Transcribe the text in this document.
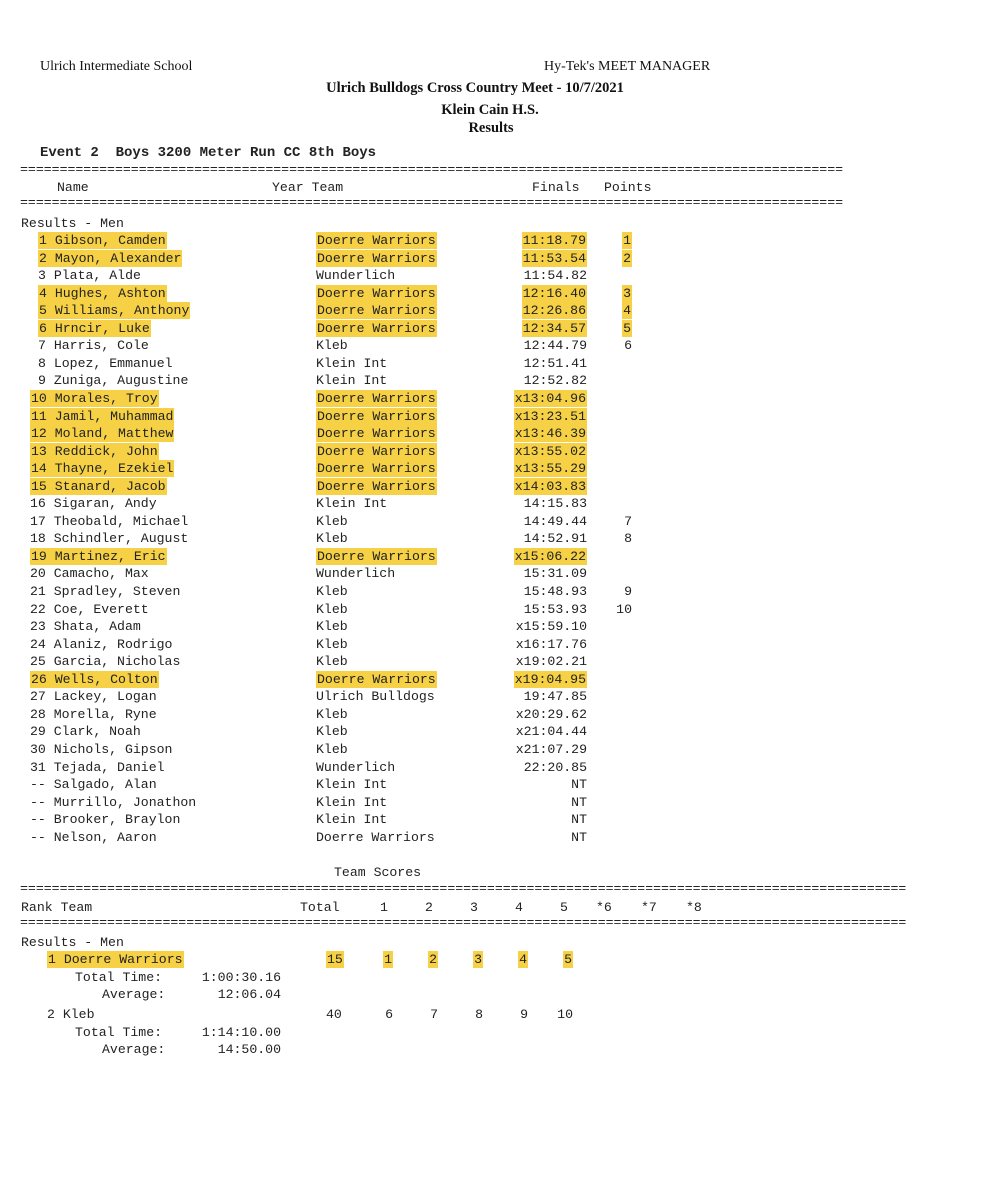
Ulrich Intermediate School	Hy-Tek's MEET MANAGER
Ulrich Bulldogs Cross Country Meet - 10/7/2021
Klein Cain H.S.
Results
Event 2  Boys 3200 Meter Run CC 8th Boys
========================================================================================================
Name	Year Team	Finals Points
========================================================================================================
Results - Men
1 Gibson, Camden	Doerre Warriors	11:18.79	1
2 Mayon, Alexander	Doerre Warriors	11:53.54	2
3 Plata, Alde	Wunderlich	11:54.82
4 Hughes, Ashton	Doerre Warriors	12:16.40	3
5 Williams, Anthony	Doerre Warriors	12:26.86	4
6 Hrncir, Luke	Doerre Warriors	12:34.57	5
7 Harris, Cole	Kleb	12:44.79	6
8 Lopez, Emmanuel	Klein Int	12:51.41
9 Zuniga, Augustine	Klein Int	12:52.82
10 Morales, Troy	Doerre Warriors	x13:04.96
11 Jamil, Muhammad	Doerre Warriors	x13:23.51
12 Moland, Matthew	Doerre Warriors	x13:46.39
13 Reddick, John	Doerre Warriors	x13:55.02
14 Thayne, Ezekiel	Doerre Warriors	x13:55.29
15 Stanard, Jacob	Doerre Warriors	x14:03.83
16 Sigaran, Andy	Klein Int	14:15.83
17 Theobald, Michael	Kleb	14:49.44	7
18 Schindler, August	Kleb	14:52.91	8
19 Martinez, Eric	Doerre Warriors	x15:06.22
20 Camacho, Max	Wunderlich	15:31.09
21 Spradley, Steven	Kleb	15:48.93	9
22 Coe, Everett	Kleb	15:53.93 10
23 Shata, Adam	Kleb	x15:59.10
24 Alaniz, Rodrigo	Kleb	x16:17.76
25 Garcia, Nicholas	Kleb	x19:02.21
26 Wells, Colton	Doerre Warriors	x19:04.95
27 Lackey, Logan	Ulrich Bulldogs	19:47.85
28 Morella, Ryne	Kleb	x20:29.62
29 Clark, Noah	Kleb	x21:04.44
30 Nichols, Gipson	Kleb	x21:07.29
31 Tejada, Daniel	Wunderlich	22:20.85
-- Salgado, Alan	Klein Int	NT
-- Murrillo, Jonathon	Klein Int	NT
-- Brooker, Braylon	Klein Int	NT
-- Nelson, Aaron	Doerre Warriors	NT
Team Scores
================================================================================================================
Rank Team	Total	1	2	3	4	5 *6 *7 *8
================================================================================================================
Results - Men
1 Doerre Warriors	15	1	2	3	4	5
Total Time:	1:00:30.16
Average:	12:06.04
2 Kleb	40	6	7	8	9 10
Total Time:	1:14:10.00
Average:	14:50.00
